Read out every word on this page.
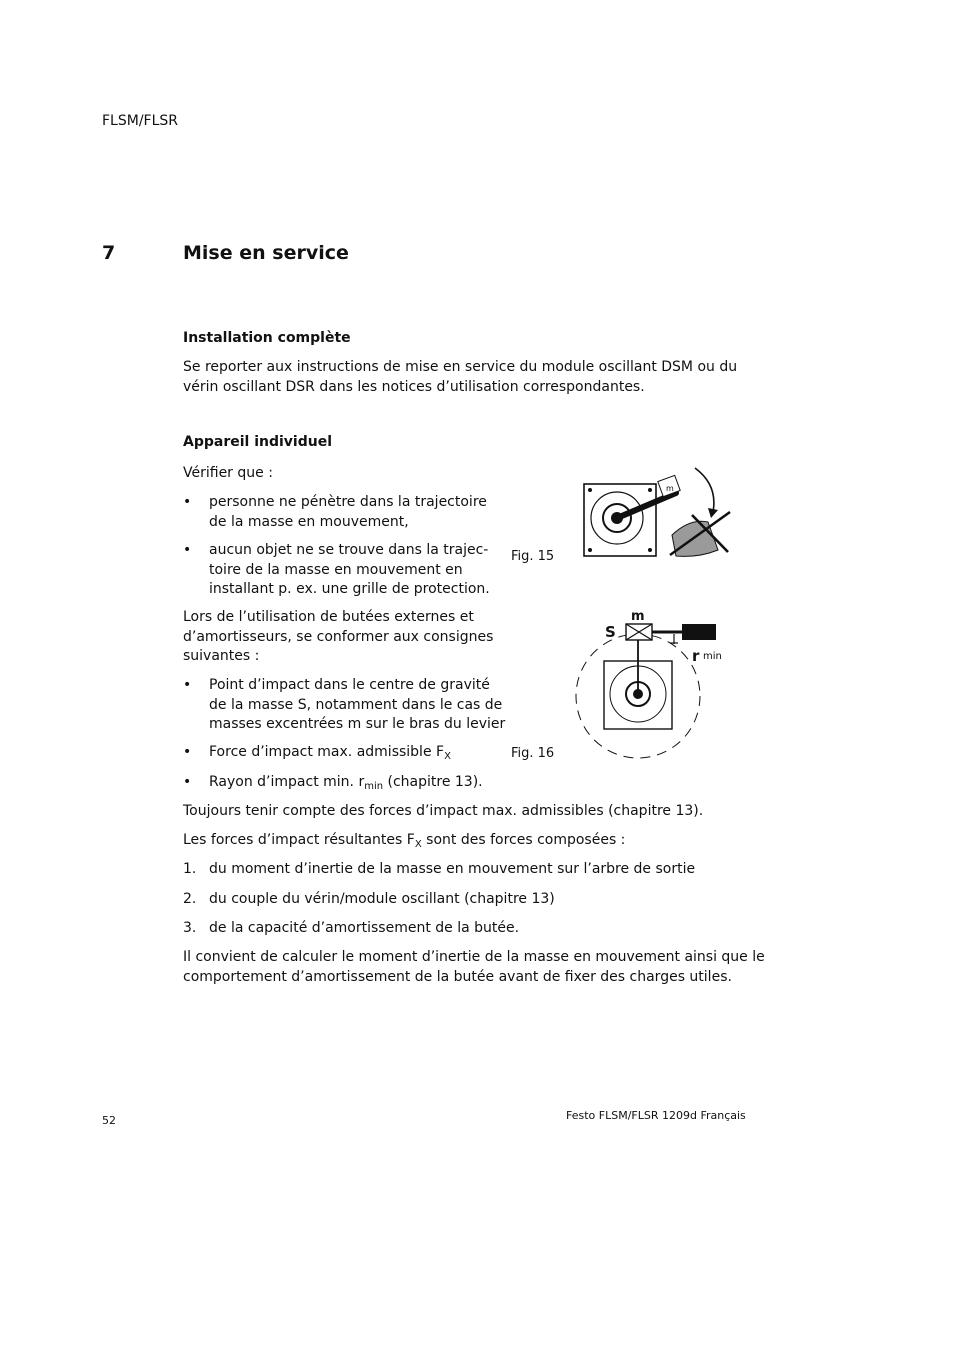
FLSM/FLSR
7	Mise en service
Installation complète
Se reporter aux instructions de mise en service du module oscillant DSM ou du
vérin oscillant DSR dans les notices d’utilisation correspondantes.
Appareil individuel
Vérifier que :
• personne ne pénètre dans la trajectoire
de la masse en mouvement,
• aucun objet ne se trouve dans la trajec-
toire de la masse en mouvement en
installant p. ex. une grille de protection.
Lors de l’utilisation de butées externes et
d’amortisseurs, se conformer aux consignes
suivantes :
• Point d’impact dans le centre de gravité
de la masse S, notamment dans le cas de
masses excentrées m sur le bras du levier
• Force d’impact max. admissible $F_X$
• Rayon d’impact min. $r_{min}$ (chapitre 13).
Toujours tenir compte des forces d’impact max. admissibles (chapitre 13).
Les forces d’impact résultantes $F_X$ sont des forces composées :
1. du moment d’inertie de la masse en mouvement sur l’arbre de sortie
2. du couple du vérin/module oscillant (chapitre 13)
3. de la capacité d’amortissement de la butée.
Il convient de calculer le moment d’inertie de la masse en mouvement ainsi que le
comportement d’amortissement de la butée avant de fixer des charges utiles.
Fig. 15
Fig. 16
m
m
S
r min
52	Festo FLSM/FLSR 1209d Français
